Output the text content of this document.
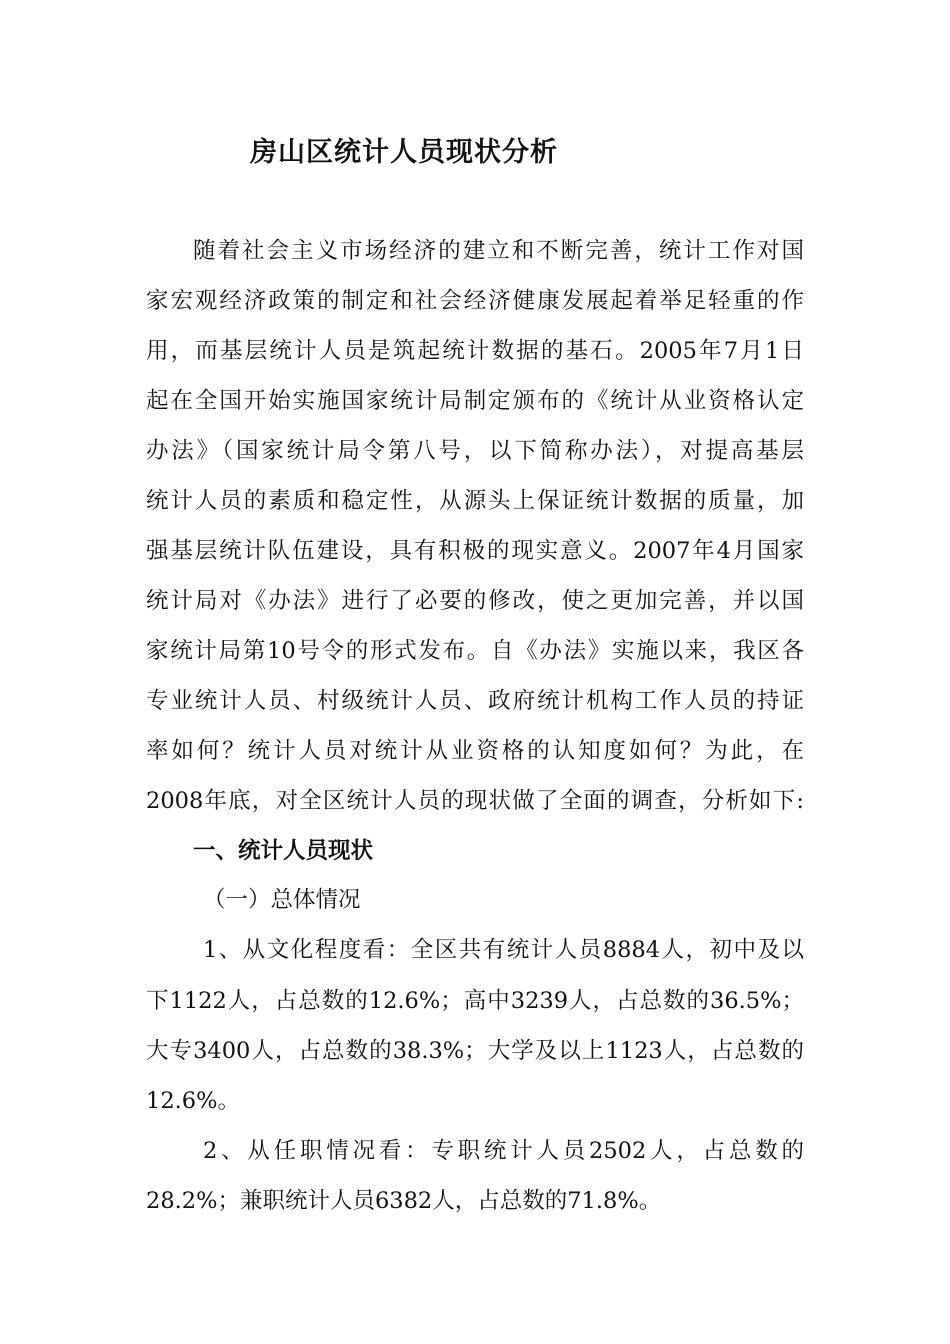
房山区统计人员现状分析
随着社会主义市场经济的建立和不断完善，统计工作对国
家宏观经济政策的制定和社会经济健康发展起着举足轻重的作
用，而基层统计人员是筑起统计数据的基石。2005年7月1日
起在全国开始实施国家统计局制定颁布的《统计从业资格认定
办法》（国家统计局令第八号，以下简称办法），对提高基层
统计人员的素质和稳定性，从源头上保证统计数据的质量，加
强基层统计队伍建设，具有积极的现实意义。2007年4月国家
统计局对《办法》进行了必要的修改，使之更加完善，并以国
家统计局第10号令的形式发布。自《办法》实施以来，我区各
专业统计人员、村级统计人员、政府统计机构工作人员的持证
率如何？统计人员对统计从业资格的认知度如何？为此，在
2008年底，对全区统计人员的现状做了全面的调查，分析如下:
一、统计人员现状
（一）总体情况
1、从文化程度看：全区共有统计人员8884人，初中及以
下1122人，占总数的12.6%；高中3239人，占总数的36.5%；
大专3400人，占总数的38.3%；大学及以上1123人，占总数的
12.6%。
2、从任职情况看：专职统计人员2502人，占总数的
28.2%；兼职统计人员6382人，占总数的71.8%。
